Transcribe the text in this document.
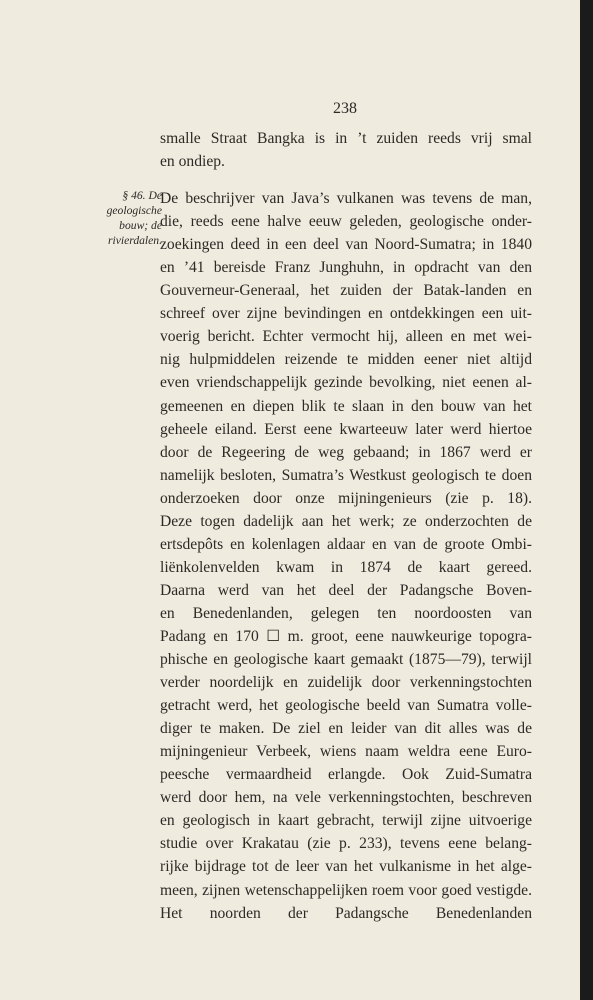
238
§ 46. De
geologische
bouw; de
rivierdalen.
smalle Straat Bangka is in ’t zuiden reeds vrij smal
en ondiep.
De beschrijver van Java’s vulkanen was tevens de man,
die, reeds eene halve eeuw geleden, geologische onder-
zoekingen deed in een deel van Noord-Sumatra; in 1840
en ’41 bereisde Franz Junghuhn, in opdracht van den
Gouverneur-Generaal, het zuiden der Batak-landen en
schreef over zijne bevindingen en ontdekkingen een uit-
voerig bericht. Echter vermocht hij, alleen en met wei-
nig hulpmiddelen reizende te midden eener niet altijd
even vriendschappelijk gezinde bevolking, niet eenen al-
gemeenen en diepen blik te slaan in den bouw van het
geheele eiland. Eerst eene kwarteeuw later werd hiertoe
door de Regeering de weg gebaand; in 1867 werd er
namelijk besloten, Sumatra’s Westkust geologisch te doen
onderzoeken door onze mijningenieurs (zie p. 18).
Deze togen dadelijk aan het werk; ze onderzochten de
ertsdepôts en kolenlagen aldaar en van de groote Ombi-
liënkolenvelden kwam in 1874 de kaart gereed.
Daarna werd van het deel der Padangsche Boven-
en Benedenlanden, gelegen ten noordoosten van
Padang en 170 ☐ m. groot, eene nauwkeurige topogra-
phische en geologische kaart gemaakt (1875—79), terwijl
verder noordelijk en zuidelijk door verkenningstochten
getracht werd, het geologische beeld van Sumatra volle-
diger te maken. De ziel en leider van dit alles was de
mijningenieur Verbeek, wiens naam weldra eene Euro-
peesche vermaardheid erlangde. Ook Zuid-Sumatra
werd door hem, na vele verkenningstochten, beschreven
en geologisch in kaart gebracht, terwijl zijne uitvoerige
studie over Krakatau (zie p. 233), tevens eene belang-
rijke bijdrage tot de leer van het vulkanisme in het alge-
meen, zijnen wetenschappelijken roem voor goed vestigde.
Het noorden der Padangsche Benedenlanden
